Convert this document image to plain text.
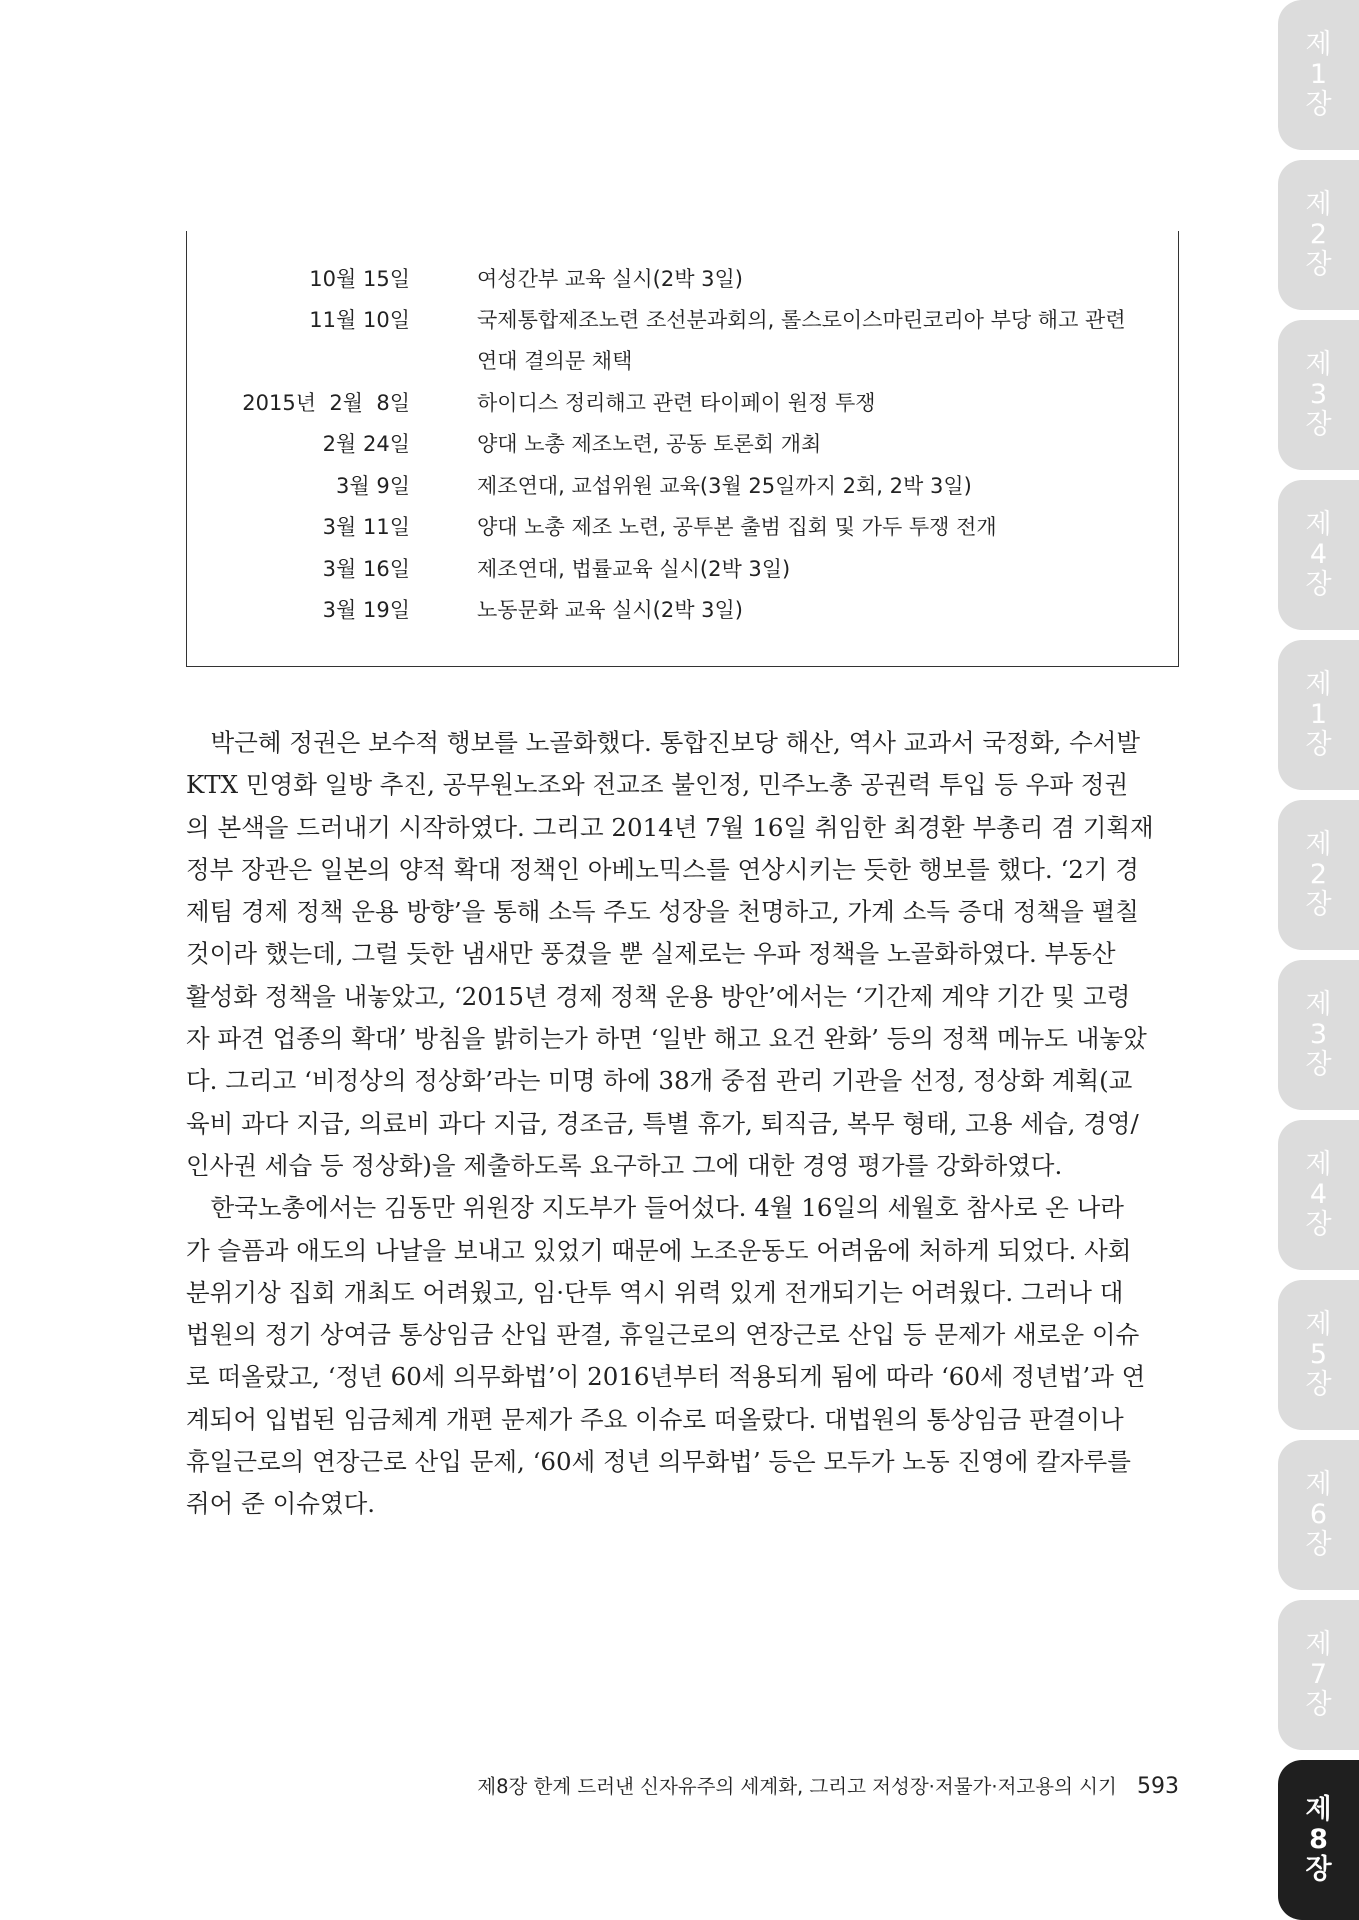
제
1
장
제
2
장
제
3
장
제
4
장
제
1
장
제
2
장
제
3
장
제
4
장
제
5
장
제
6
장
제
7
장
제
8
장
10월 15일	여성간부 교육 실시(2박 3일)
11월 10일	국제통합제조노련 조선분과회의, 롤스로이스마린코리아 부당 해고 관련
연대 결의문 채택
2015년  2월  8일	하이디스 정리해고 관련 타이페이 원정 투쟁
2월 24일	양대 노총 제조노련, 공동 토론회 개최
3월 9일	제조연대, 교섭위원 교육(3월 25일까지 2회, 2박 3일)
3월 11일	양대 노총 제조 노련, 공투본 출범 집회 및 가두 투쟁 전개
3월 16일	제조연대, 법률교육 실시(2박 3일)
3월 19일	노동문화 교육 실시(2박 3일)
　박근혜 정권은 보수적 행보를 노골화했다. 통합진보당 해산, 역사 교과서 국정화, 수서발
KTX 민영화 일방 추진, 공무원노조와 전교조 불인정, 민주노총 공권력 투입 등 우파 정권
의 본색을 드러내기 시작하였다. 그리고 2014년 7월 16일 취임한 최경환 부총리 겸 기획재
정부 장관은 일본의 양적 확대 정책인 아베노믹스를 연상시키는 듯한 행보를 했다. ‘2기 경
제팀 경제 정책 운용 방향’을 통해 소득 주도 성장을 천명하고, 가계 소득 증대 정책을 펼칠
것이라 했는데, 그럴 듯한 냄새만 풍겼을 뿐 실제로는 우파 정책을 노골화하였다. 부동산
활성화 정책을 내놓았고, ‘2015년 경제 정책 운용 방안’에서는 ‘기간제 계약 기간 및 고령
자 파견 업종의 확대’ 방침을 밝히는가 하면 ‘일반 해고 요건 완화’ 등의 정책 메뉴도 내놓았
다. 그리고 ‘비정상의 정상화’라는 미명 하에 38개 중점 관리 기관을 선정, 정상화 계획(교
육비 과다 지급, 의료비 과다 지급, 경조금, 특별 휴가, 퇴직금, 복무 형태, 고용 세습, 경영/
인사권 세습 등 정상화)을 제출하도록 요구하고 그에 대한 경영 평가를 강화하였다.
　한국노총에서는 김동만 위원장 지도부가 들어섰다. 4월 16일의 세월호 참사로 온 나라
가 슬픔과 애도의 나날을 보내고 있었기 때문에 노조운동도 어려움에 처하게 되었다. 사회
분위기상 집회 개최도 어려웠고, 임·단투 역시 위력 있게 전개되기는 어려웠다. 그러나 대
법원의 정기 상여금 통상임금 산입 판결, 휴일근로의 연장근로 산입 등 문제가 새로운 이슈
로 떠올랐고, ‘정년 60세 의무화법’이 2016년부터 적용되게 됨에 따라 ‘60세 정년법’과 연
계되어 입법된 임금체계 개편 문제가 주요 이슈로 떠올랐다. 대법원의 통상임금 판결이나
휴일근로의 연장근로 산입 문제, ‘60세 정년 의무화법’ 등은 모두가 노동 진영에 칼자루를
쥐어 준 이슈였다.
제8장 한계 드러낸 신자유주의 세계화, 그리고 저성장·저물가·저고용의 시기 593
